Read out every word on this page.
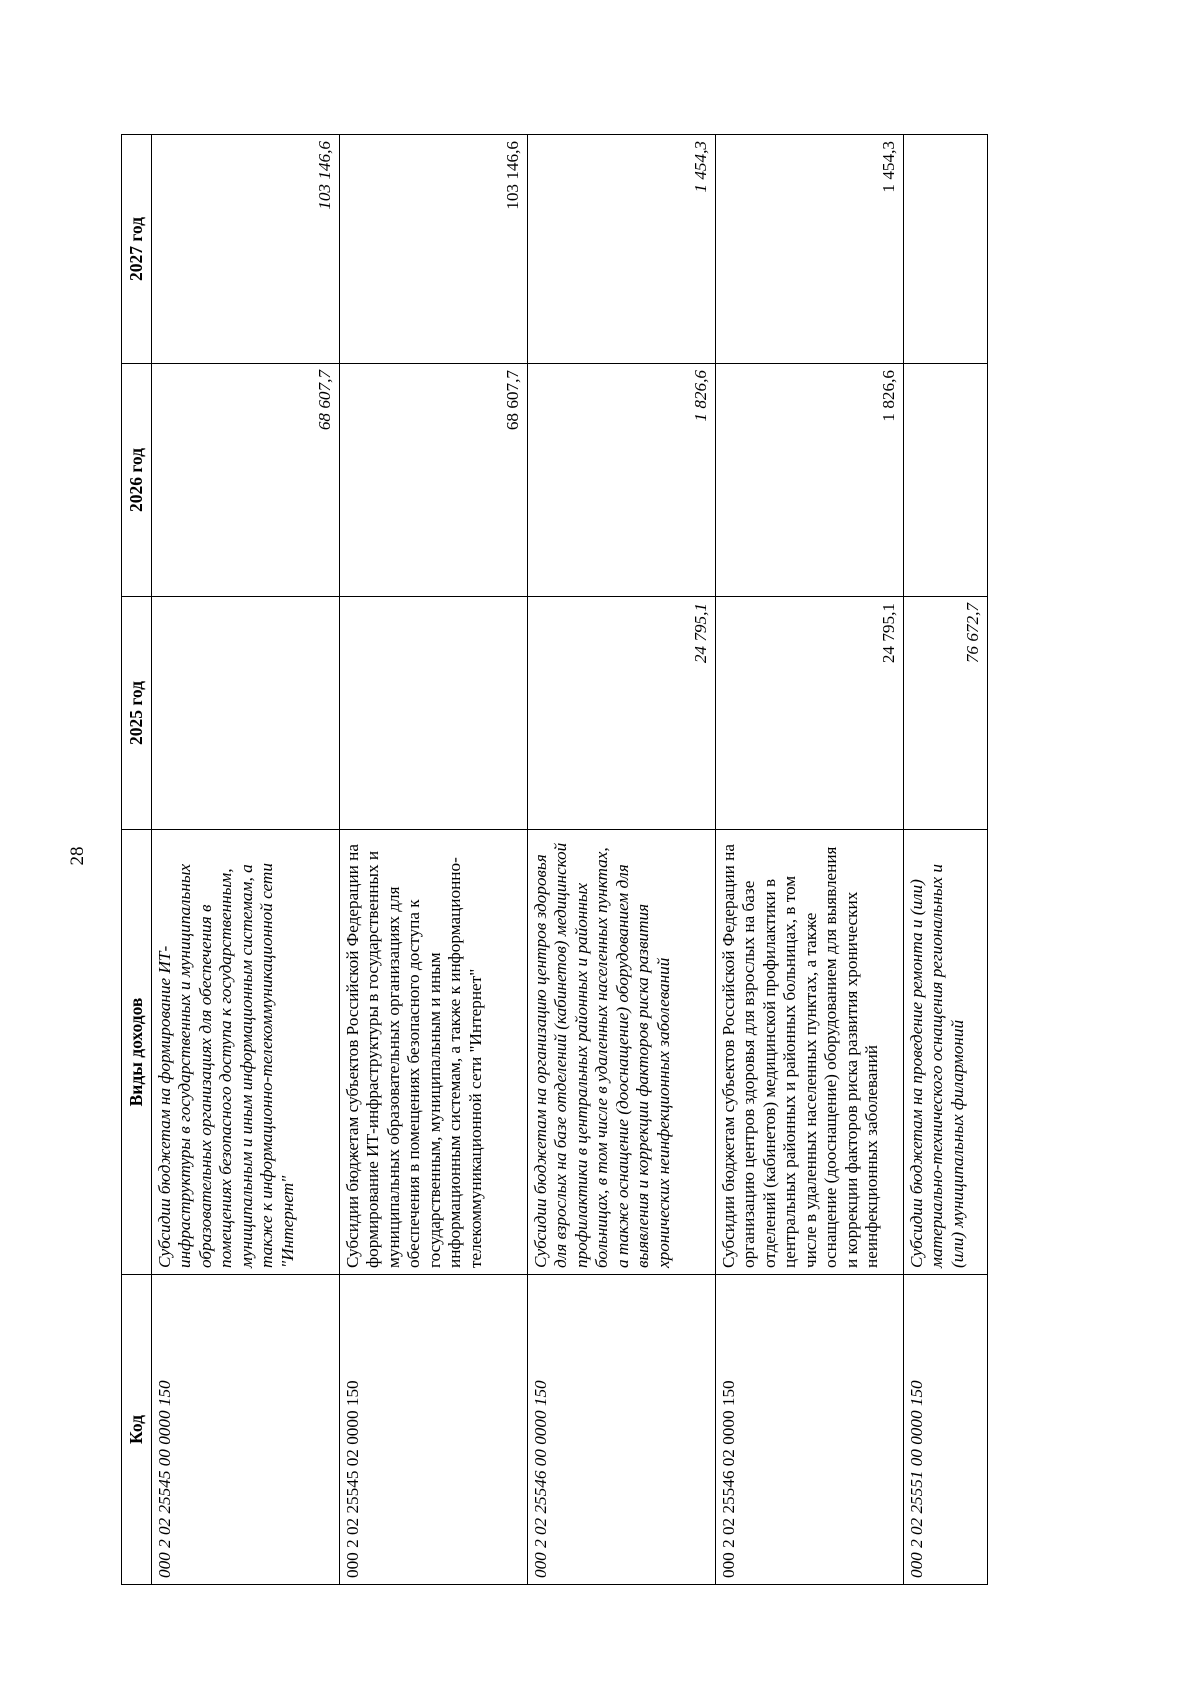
28
Код	Виды доходов	2025 год	2026 год	2027 год
000 2 02 25545 00 0000 150	Субсидии бюджетам на формирование ИТ-инфраструктуры в государственных и муниципальных образовательных организациях для обеспечения в помещениях безопасного доступа к государственным, муниципальным и иным информационным системам, а также к информационно-телекоммуникационной сети "Интернет"		68 607,7	103 146,6
000 2 02 25545 02 0000 150	Субсидии бюджетам субъектов Российской Федерации на формирование ИТ-инфраструктуры в государственных и муниципальных образовательных организациях для обеспечения в помещениях безопасного доступа к государственным, муниципальным и иным информационным системам, а также к информационно-телекоммуникационной сети "Интернет"		68 607,7	103 146,6
000 2 02 25546 00 0000 150	Субсидии бюджетам на организацию центров здоровья для взрослых на базе отделений (кабинетов) медицинской профилактики в центральных районных и районных больницах, в том числе в удаленных населенных пунктах, а также оснащение (дооснащение) оборудованием для выявления и коррекции факторов риска развития хронических неинфекционных заболеваний	24 795,1	1 826,6	1 454,3
000 2 02 25546 02 0000 150	Субсидии бюджетам субъектов Российской Федерации на организацию центров здоровья для взрослых на базе отделений (кабинетов) медицинской профилактики в центральных районных и районных больницах, в том числе в удаленных населенных пунктах, а также оснащение (дооснащение) оборудованием для выявления и коррекции факторов риска развития хронических неинфекционных заболеваний	24 795,1	1 826,6	1 454,3
000 2 02 25551 00 0000 150	Субсидии бюджетам на проведение ремонта и (или) материально-технического оснащения региональных и (или) муниципальных филармоний	76 672,7		
